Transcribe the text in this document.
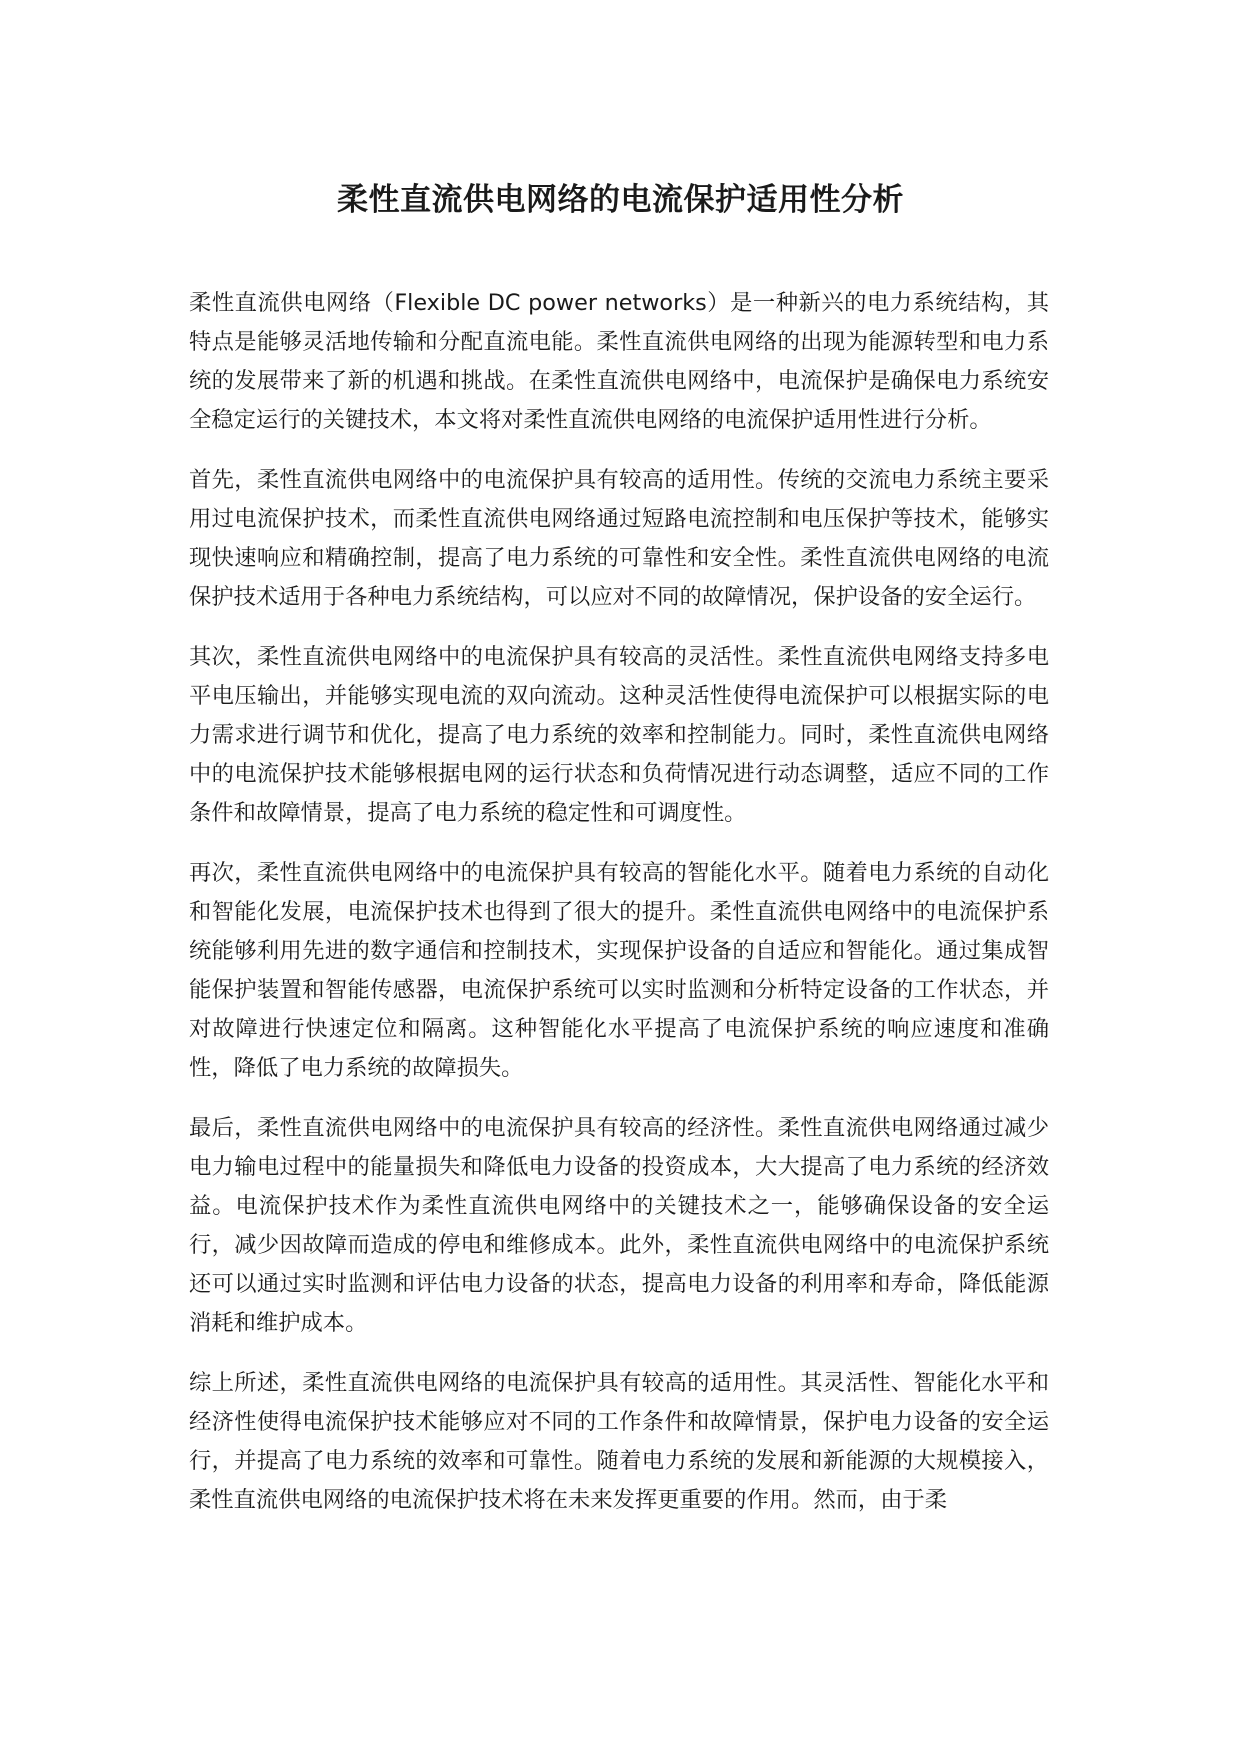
柔性直流供电网络的电流保护适用性分析

柔性直流供电网络（Flexible DC power networks）是一种新兴的电力系统结构，其特点是能够灵活地传输和分配直流电能。柔性直流供电网络的出现为能源转型和电力系统的发展带来了新的机遇和挑战。在柔性直流供电网络中，电流保护是确保电力系统安全稳定运行的关键技术，本文将对柔性直流供电网络的电流保护适用性进行分析。

首先，柔性直流供电网络中的电流保护具有较高的适用性。传统的交流电力系统主要采用过电流保护技术，而柔性直流供电网络通过短路电流控制和电压保护等技术，能够实现快速响应和精确控制，提高了电力系统的可靠性和安全性。柔性直流供电网络的电流保护技术适用于各种电力系统结构，可以应对不同的故障情况，保护设备的安全运行。

其次，柔性直流供电网络中的电流保护具有较高的灵活性。柔性直流供电网络支持多电平电压输出，并能够实现电流的双向流动。这种灵活性使得电流保护可以根据实际的电力需求进行调节和优化，提高了电力系统的效率和控制能力。同时，柔性直流供电网络中的电流保护技术能够根据电网的运行状态和负荷情况进行动态调整，适应不同的工作条件和故障情景，提高了电力系统的稳定性和可调度性。

再次，柔性直流供电网络中的电流保护具有较高的智能化水平。随着电力系统的自动化和智能化发展，电流保护技术也得到了很大的提升。柔性直流供电网络中的电流保护系统能够利用先进的数字通信和控制技术，实现保护设备的自适应和智能化。通过集成智能保护装置和智能传感器，电流保护系统可以实时监测和分析特定设备的工作状态，并对故障进行快速定位和隔离。这种智能化水平提高了电流保护系统的响应速度和准确性，降低了电力系统的故障损失。

最后，柔性直流供电网络中的电流保护具有较高的经济性。柔性直流供电网络通过减少电力输电过程中的能量损失和降低电力设备的投资成本，大大提高了电力系统的经济效益。电流保护技术作为柔性直流供电网络中的关键技术之一，能够确保设备的安全运行，减少因故障而造成的停电和维修成本。此外，柔性直流供电网络中的电流保护系统还可以通过实时监测和评估电力设备的状态，提高电力设备的利用率和寿命，降低能源消耗和维护成本。

综上所述，柔性直流供电网络的电流保护具有较高的适用性。其灵活性、智能化水平和经济性使得电流保护技术能够应对不同的工作条件和故障情景，保护电力设备的安全运行，并提高了电力系统的效率和可靠性。随着电力系统的发展和新能源的大规模接入，柔性直流供电网络的电流保护技术将在未来发挥更重要的作用。然而，由于柔
